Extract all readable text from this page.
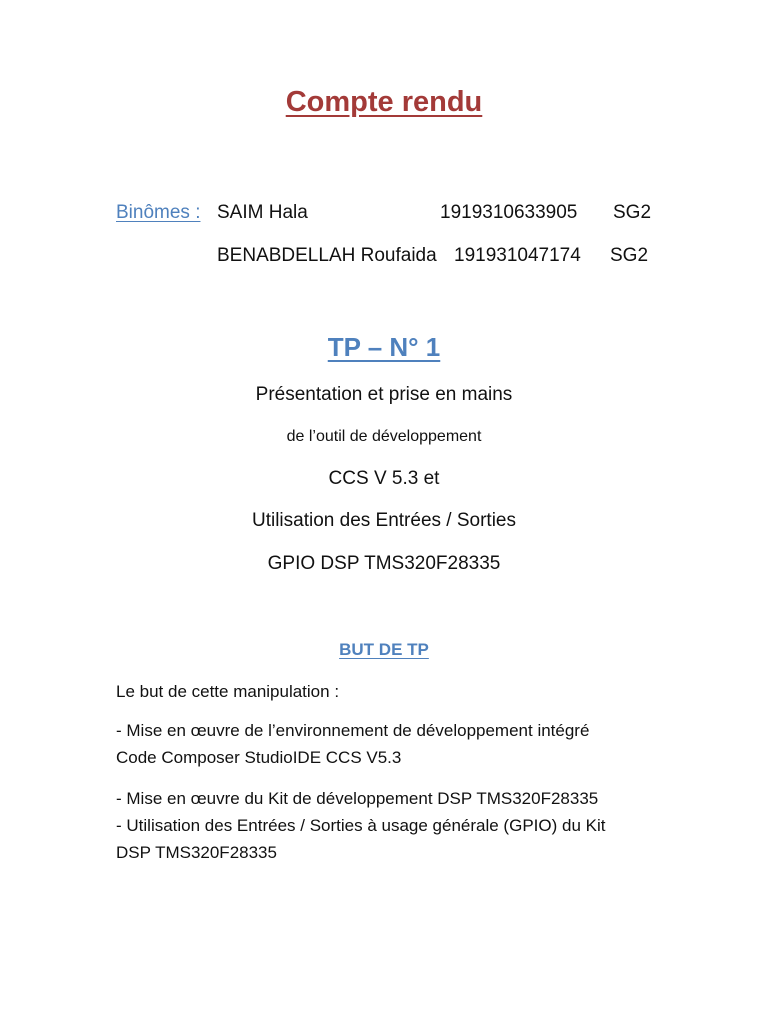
Compte rendu
Binômes : SAIM Hala	1919310633905 SG2
BENABDELLAH Roufaida 191931047174 SG2
TP – N° 1
Présentation et prise en mains
de l’outil de développement
CCS V 5.3 et
Utilisation des Entrées / Sorties
GPIO DSP TMS320F28335
BUT DE TP
Le but de cette manipulation :
- Mise en œuvre de l’environnement de développement intégré
Code Composer StudioIDE CCS V5.3
- Mise en œuvre du Kit de développement DSP TMS320F28335
- Utilisation des Entrées / Sorties à usage générale (GPIO) du Kit
DSP TMS320F28335
